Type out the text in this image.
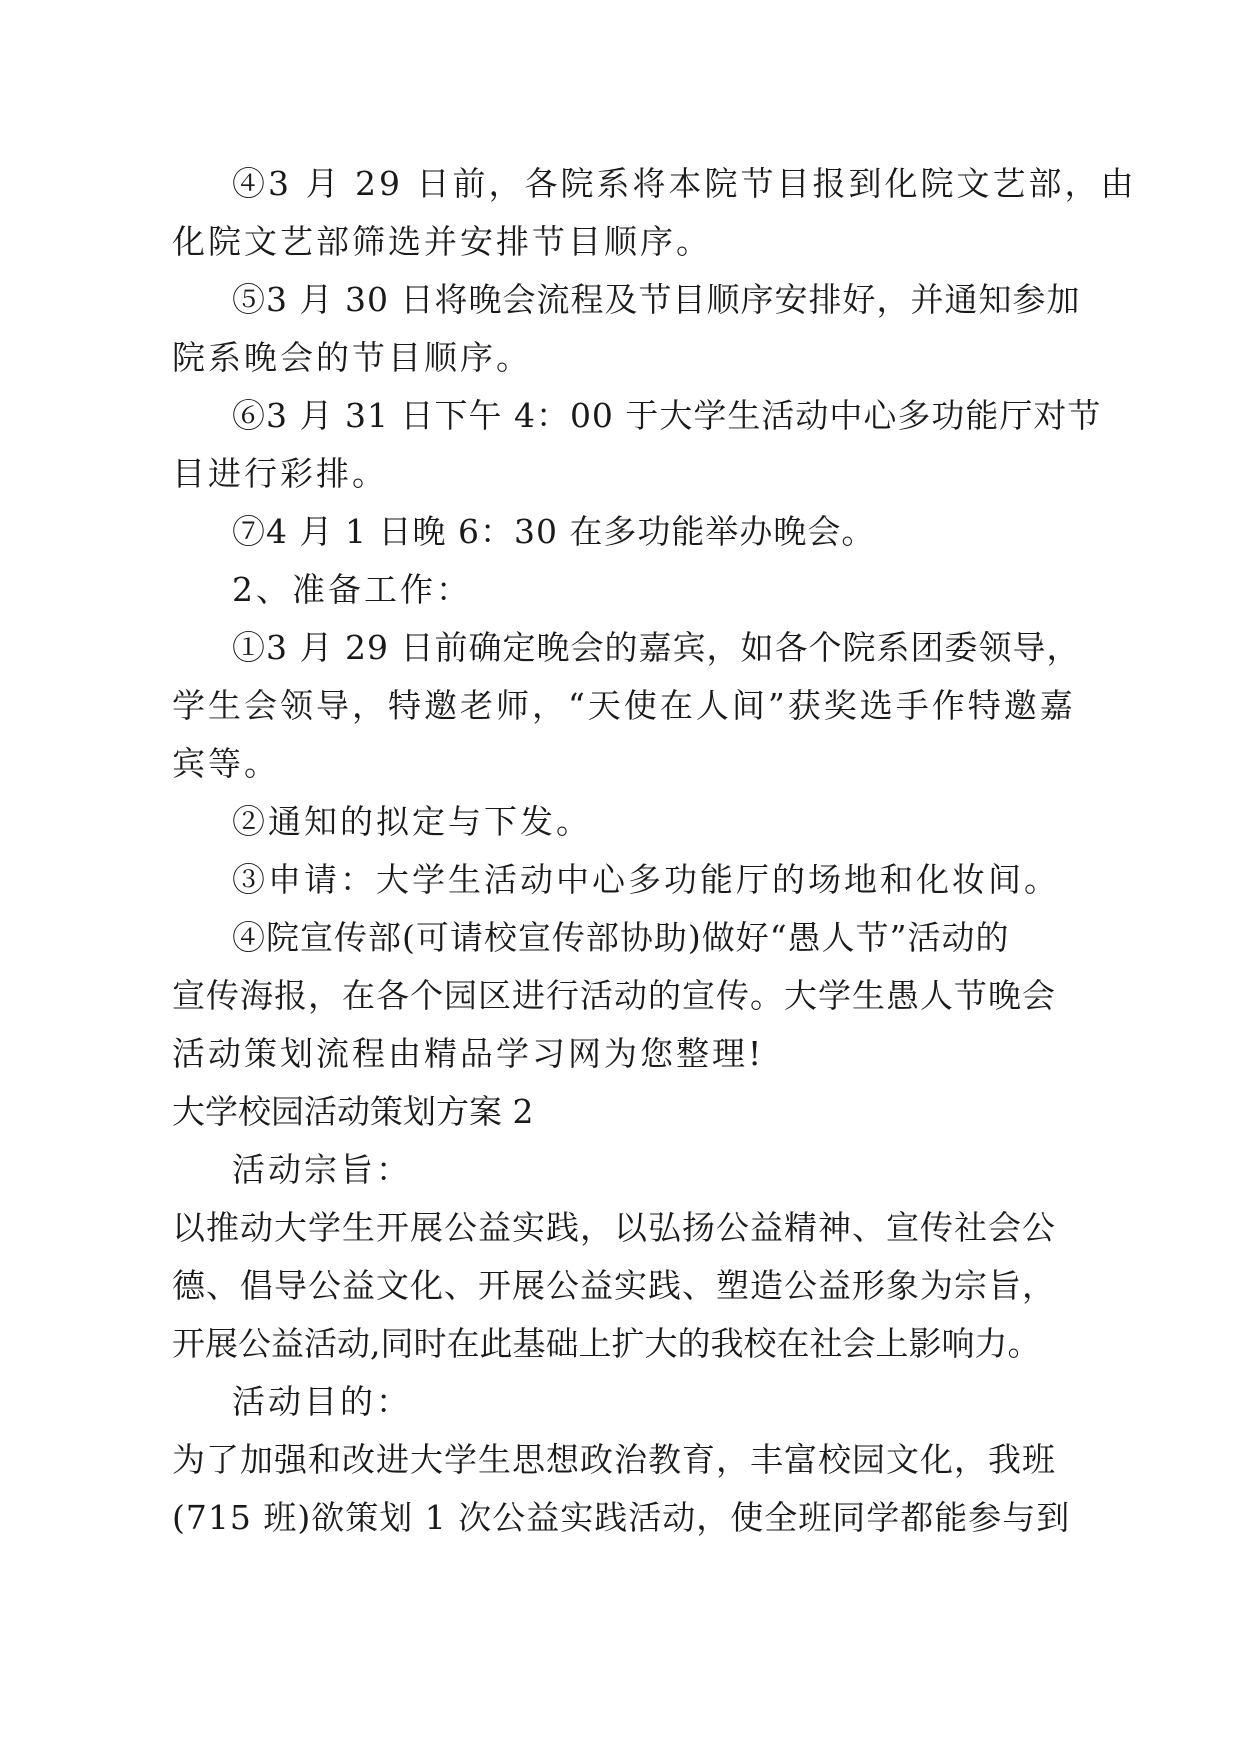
④3 月 29 日前，各院系将本院节目报到化院文艺部，由
化院文艺部筛选并安排节目顺序。
⑤3 月 30 日将晚会流程及节目顺序安排好，并通知参加
院系晚会的节目顺序。
⑥3 月 31 日下午 4：00 于大学生活动中心多功能厅对节
目进行彩排。
⑦4 月 1 日晚 6：30 在多功能举办晚会。
2、准备工作：
①3 月 29 日前确定晚会的嘉宾，如各个院系团委领导，
学生会领导，特邀老师，“天使在人间”获奖选手作特邀嘉
宾等。
②通知的拟定与下发。
③申请：大学生活动中心多功能厅的场地和化妆间。
④院宣传部(可请校宣传部协助)做好“愚人节”活动的
宣传海报，在各个园区进行活动的宣传。大学生愚人节晚会
活动策划流程由精品学习网为您整理!
大学校园活动策划方案 2
活动宗旨：
以推动大学生开展公益实践，以弘扬公益精神、宣传社会公
德、倡导公益文化、开展公益实践、塑造公益形象为宗旨，
开展公益活动,同时在此基础上扩大的我校在社会上影响力。
活动目的：
为了加强和改进大学生思想政治教育，丰富校园文化，我班
(715 班)欲策划 1 次公益实践活动，使全班同学都能参与到
